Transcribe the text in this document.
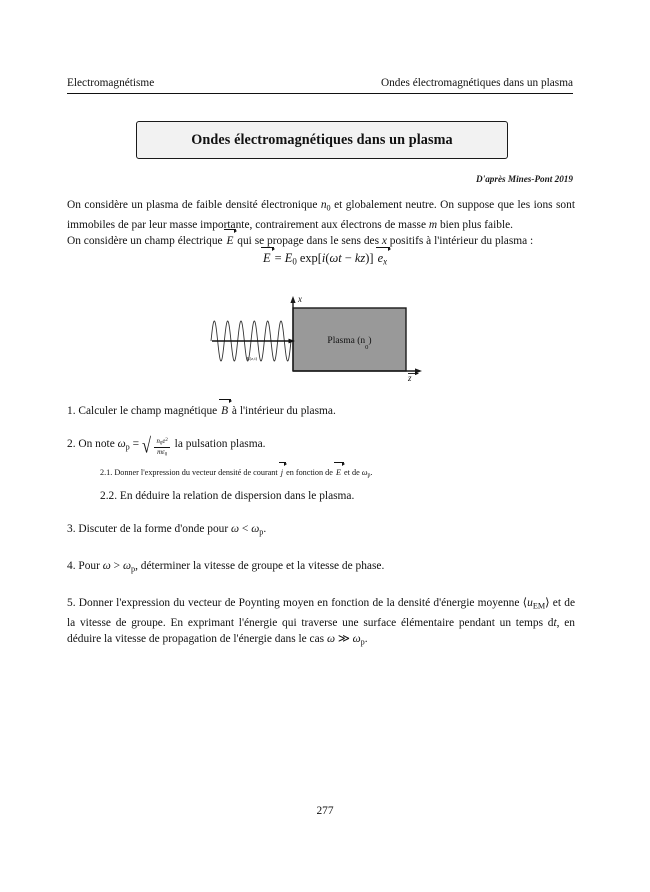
Electromagnétisme	Ondes électromagnétiques dans un plasma
Ondes électromagnétiques dans un plasma
D'après Mines-Pont 2019

On considère un plasma de faible densité électronique $n_0$ et globalement neutre. On suppose que les ions sont immobiles de par leur masse importante, contrairement aux électrons de masse m bien plus faible.

On considère un champ électrique E qui se propage dans le sens des x positifs à l'intérieur du plasma :

$E = E_0$ exp[i(ωt − kz)] $e_x$
x
z
E(z,t)
Plasma $(n_0)$

1. Calculer le champ magnétique B à l'intérieur du plasma.

2. On note $\omega_p$ = √ $\frac{n_0e^2}{m\varepsilon_0}$ la pulsation plasma.

2.1. Donner l'expression du vecteur densité de courant j en fonction de E et de $\omega_p$.

2.2. En déduire la relation de dispersion dans le plasma.

3. Discuter de la forme d'onde pour $\omega < \omega_p$.

4. Pour $\omega > \omega_p$, déterminer la vitesse de groupe et la vitesse de phase.

5. Donner l'expression du vecteur de Poynting moyen en fonction de la densité d'énergie moyenne $⟨u_{EM}⟩$ et de la vitesse de groupe. En exprimant l'énergie qui traverse une surface élémentaire pendant un temps dt, en déduire la vitesse de propagation de l'énergie dans le cas ω ≫ $\omega_p$.

277
